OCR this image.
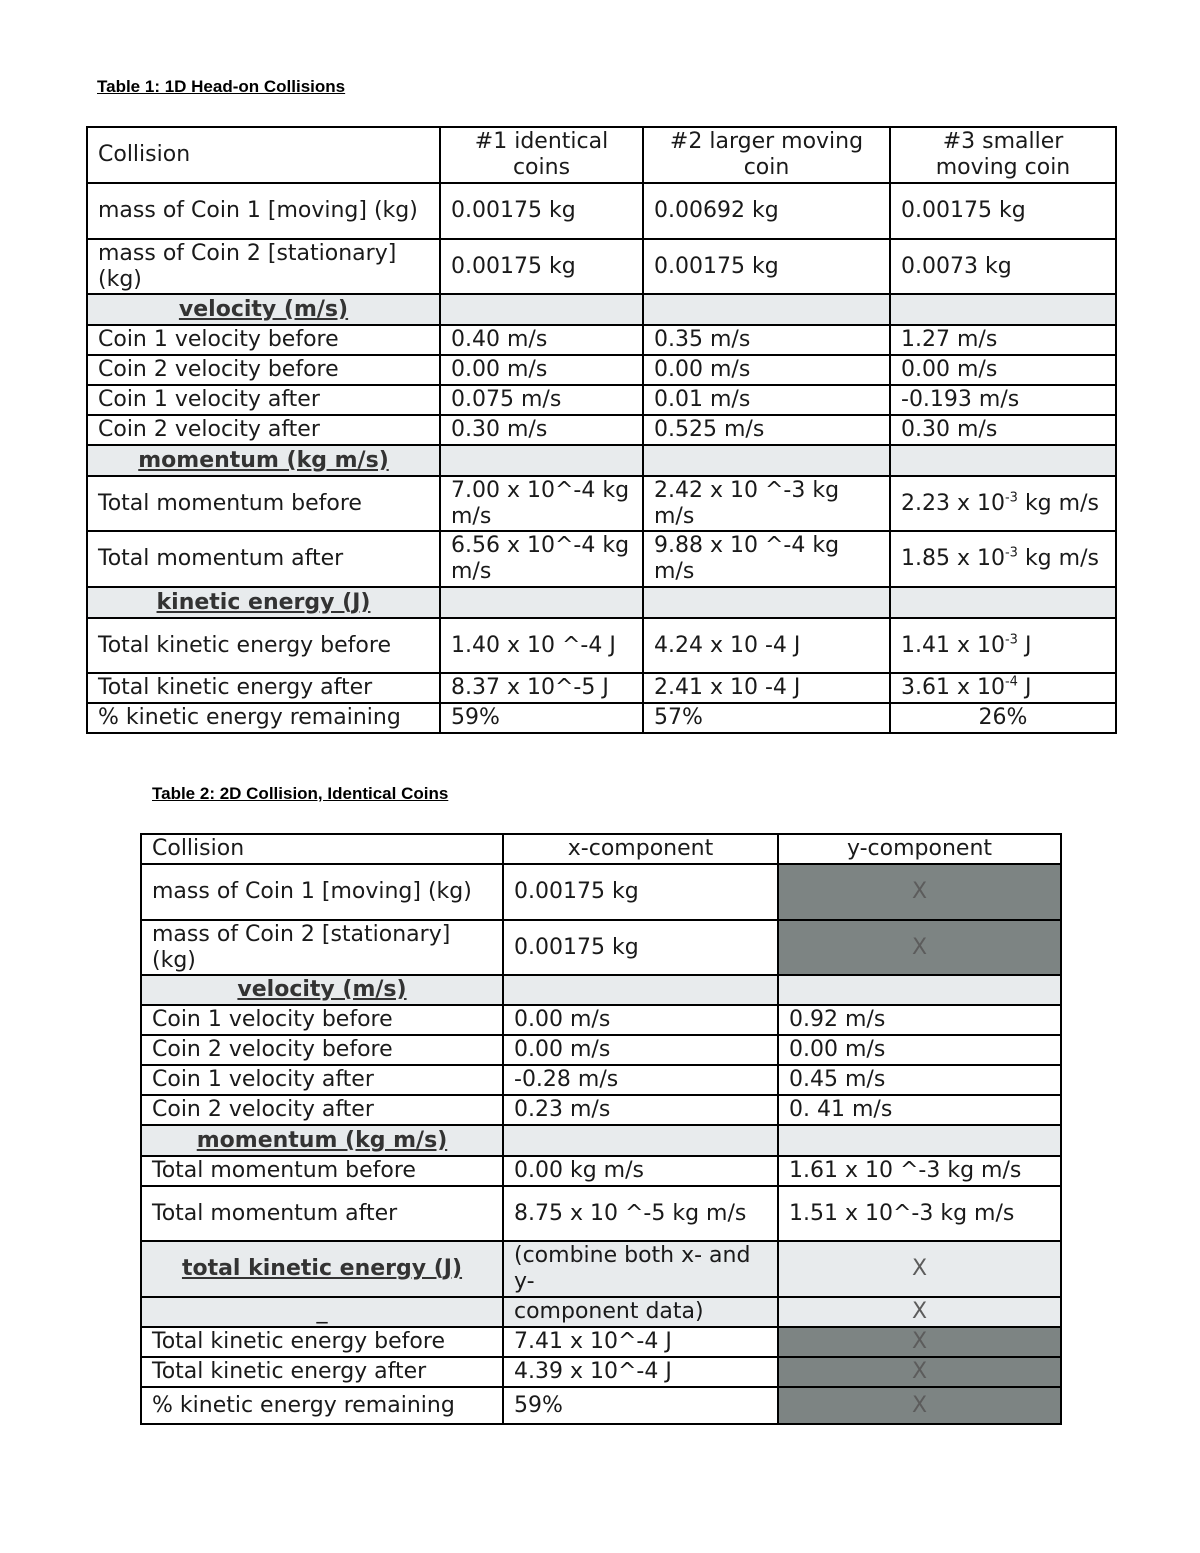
Table 1: 1D Head-on Collisions
Collision	#1 identical coins	#2 larger moving coin	#3 smaller moving coin
mass of Coin 1 [moving] (kg)	0.00175 kg	0.00692 kg	0.00175 kg
mass of Coin 2 [stationary] (kg)	0.00175 kg	0.00175 kg	0.0073 kg
velocity (m/s)			
Coin 1 velocity before	0.40 m/s	0.35 m/s	1.27 m/s
Coin 2 velocity before	0.00 m/s	0.00 m/s	0.00 m/s
Coin 1 velocity after	0.075 m/s	0.01 m/s	-0.193 m/s
Coin 2 velocity after	0.30 m/s	0.525 m/s	0.30 m/s
momentum (kg m/s)			
Total momentum before	7.00 x 10^-4 kg m/s	2.42 x 10 ^-3 kg m/s	2.23 x $10^{-3}$ kg m/s
Total momentum after	6.56 x 10^-4 kg m/s	9.88 x 10 ^-4 kg m/s	1.85 x $10^{-3}$ kg m/s
kinetic energy (J)			
Total kinetic energy before	1.40 x 10 ^-4 J	4.24 x 10 -4 J	1.41 x $10^{-3}$ J
Total kinetic energy after	8.37 x 10^-5 J	2.41 x 10 -4 J	3.61 x $10^{-4}$ J
% kinetic energy remaining	59%	57%	26%
Table 2: 2D Collision, Identical Coins
Collision	x-component	y-component
mass of Coin 1 [moving] (kg)	0.00175 kg	X
mass of Coin 2 [stationary] (kg)	0.00175 kg	X
velocity (m/s)		
Coin 1 velocity before	0.00 m/s	0.92 m/s
Coin 2 velocity before	0.00 m/s	0.00 m/s
Coin 1 velocity after	-0.28 m/s	0.45 m/s
Coin 2 velocity after	0.23 m/s	0. 41 m/s
momentum (kg m/s)		
Total momentum before	0.00 kg m/s	1.61 x 10 ^-3 kg m/s
Total momentum after	8.75 x 10 ^-5 kg m/s	1.51 x 10^-3 kg m/s
total kinetic energy (J)	(combine both x- and y-	X
_	component data)	X
Total kinetic energy before	7.41 x 10^-4 J	X
Total kinetic energy after	4.39 x 10^-4 J	X
% kinetic energy remaining	59%	X
